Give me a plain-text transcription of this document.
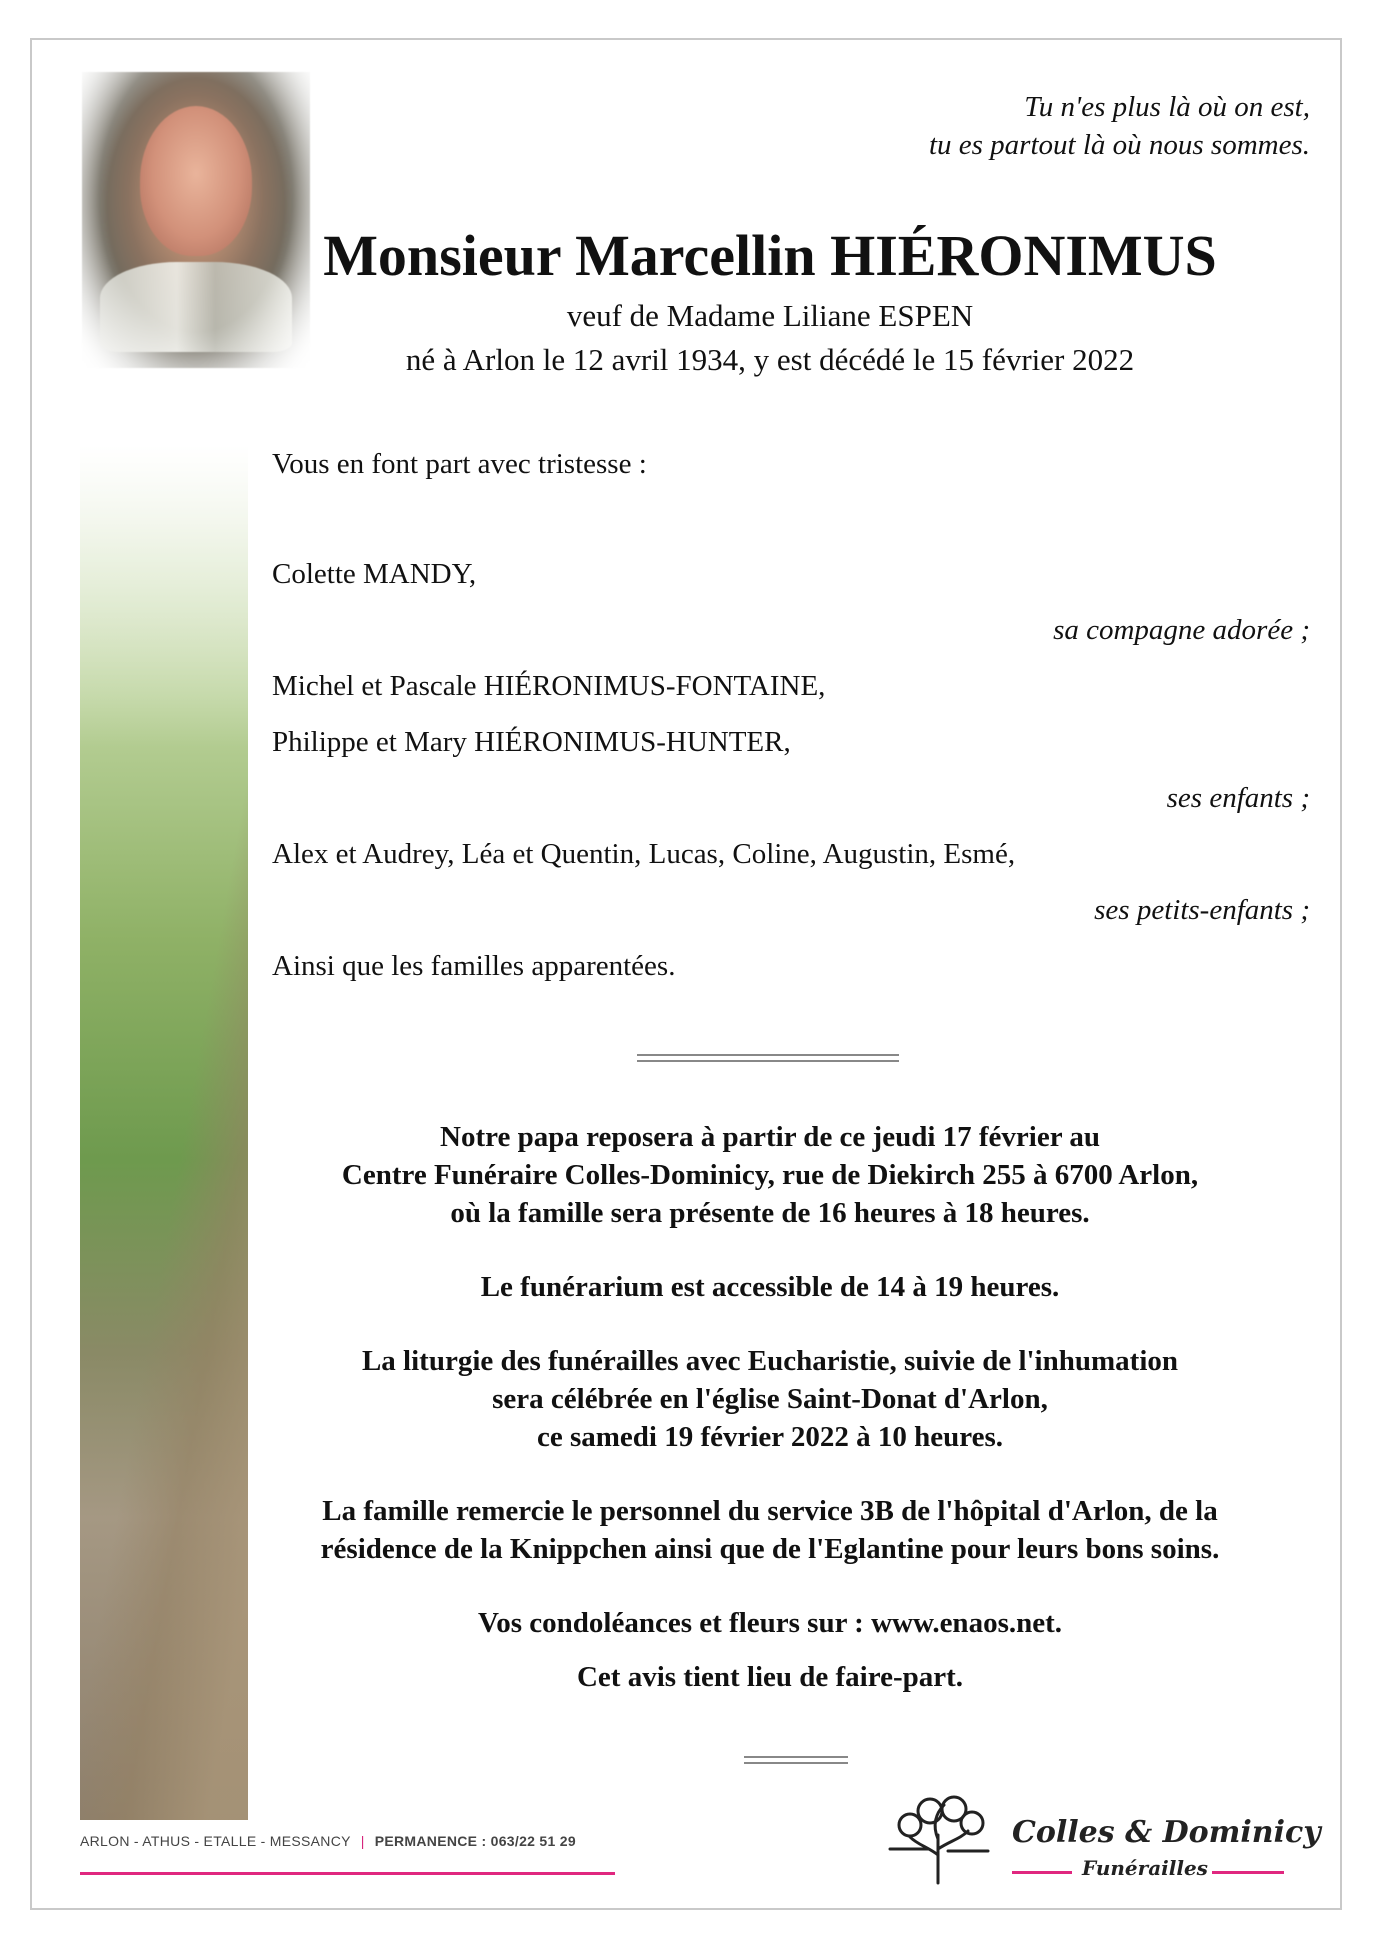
Tu n'es plus là où on est,
tu es partout là où nous sommes.
Monsieur Marcellin HIÉRONIMUS
veuf de Madame Liliane ESPEN
né à Arlon le 12 avril 1934, y est décédé le 15 février 2022
Vous en font part avec tristesse :
Colette MANDY,
sa compagne adorée ;
Michel et Pascale HIÉRONIMUS-FONTAINE,
Philippe et Mary HIÉRONIMUS-HUNTER,
ses enfants ;
Alex et Audrey, Léa et Quentin, Lucas, Coline, Augustin, Esmé,
ses petits-enfants ;
Ainsi que les familles apparentées.
Notre papa reposera à partir de ce jeudi 17 février au
Centre Funéraire Colles-Dominicy, rue de Diekirch 255 à 6700 Arlon,
où la famille sera présente de 16 heures à 18 heures.
Le funérarium est accessible de 14 à 19 heures.
La liturgie des funérailles avec Eucharistie, suivie de l'inhumation
sera célébrée en l'église Saint-Donat d'Arlon,
ce samedi 19 février 2022 à 10 heures.
La famille remercie le personnel du service 3B de l'hôpital d'Arlon, de la
résidence de la Knippchen ainsi que de l'Eglantine pour leurs bons soins.
Vos condoléances et fleurs sur : www.enaos.net.
Cet avis tient lieu de faire-part.
ARLON - ATHUS - ETALLE - MESSANCY | PERMANENCE : 063/22 51 29	Colles & Dominicy
Funérailles
